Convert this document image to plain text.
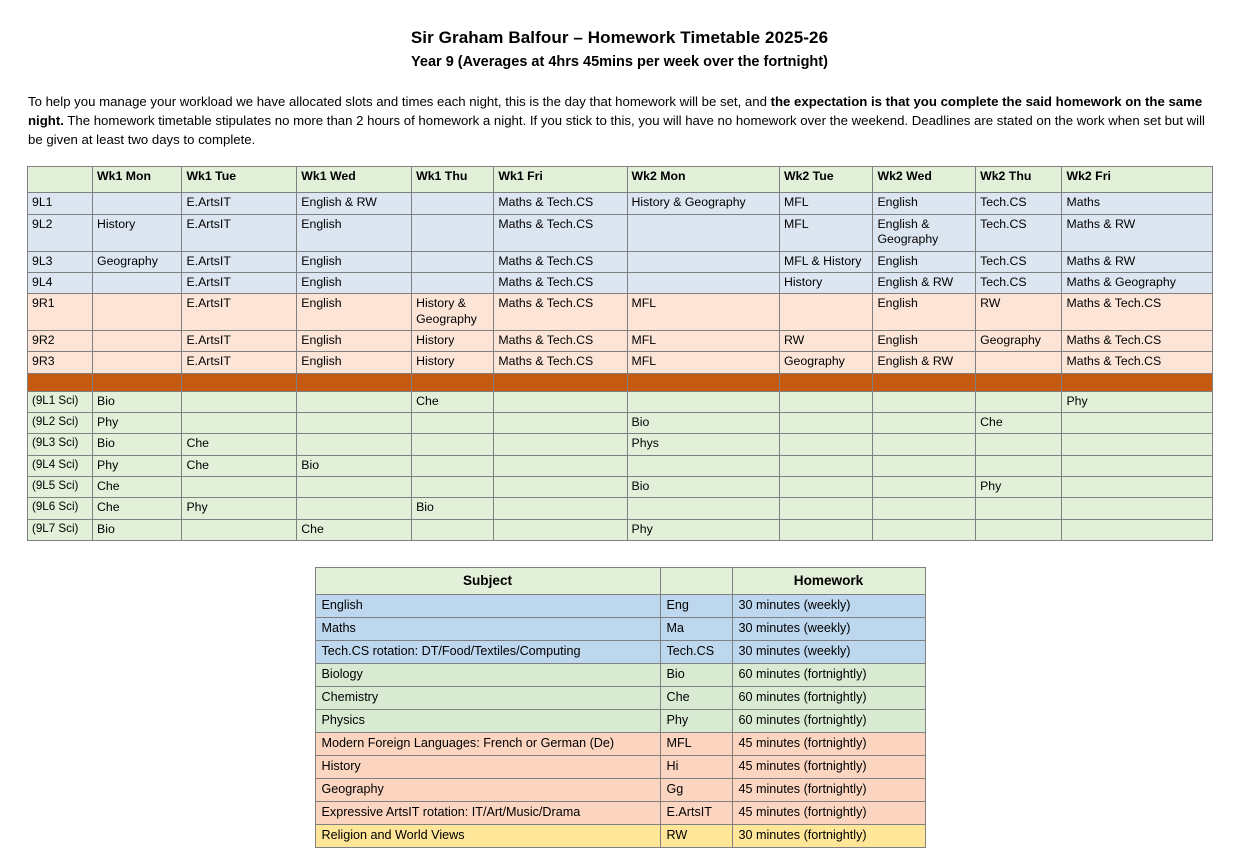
Sir Graham Balfour – Homework Timetable 2025-26
Year 9 (Averages at 4hrs 45mins per week over the fortnight)

To help you manage your workload we have allocated slots and times each night, this is the day that homework will be set, and the expectation is that you complete the said homework on the same night. The homework timetable stipulates no more than 2 hours of homework a night. If you stick to this, you will have no homework over the weekend. Deadlines are stated on the work when set but will be given at least two days to complete.

	Wk1 Mon	Wk1 Tue	Wk1 Wed	Wk1 Thu	Wk1 Fri	Wk2 Mon	Wk2 Tue	Wk2 Wed	Wk2 Thu	Wk2 Fri
9L1		E.ArtsIT	English & RW		Maths & Tech.CS	History & Geography	MFL	English	Tech.CS	Maths
9L2	History	E.ArtsIT	English		Maths & Tech.CS		MFL	English & Geography	Tech.CS	Maths & RW
9L3	Geography	E.ArtsIT	English		Maths & Tech.CS		MFL & History	English	Tech.CS	Maths & RW
9L4		E.ArtsIT	English		Maths & Tech.CS		History	English & RW	Tech.CS	Maths & Geography
9R1		E.ArtsIT	English	History & Geography	Maths & Tech.CS	MFL		English	RW	Maths & Tech.CS
9R2		E.ArtsIT	English	History	Maths & Tech.CS	MFL	RW	English	Geography	Maths & Tech.CS
9R3		E.ArtsIT	English	History	Maths & Tech.CS	MFL	Geography	English & RW		Maths & Tech.CS

(9L1 Sci)	Bio			Che						Phy
(9L2 Sci)	Phy					Bio			Che	
(9L3 Sci)	Bio	Che				Phys				
(9L4 Sci)	Phy	Che	Bio							
(9L5 Sci)	Che					Bio			Phy	
(9L6 Sci)	Che	Phy		Bio						
(9L7 Sci)	Bio		Che			Phy				
Subject		Homework
English	Eng	30 minutes (weekly)
Maths	Ma	30 minutes (weekly)
Tech.CS rotation: DT/Food/Textiles/Computing	Tech.CS	30 minutes (weekly)
Biology	Bio	60 minutes (fortnightly)
Chemistry	Che	60 minutes (fortnightly)
Physics	Phy	60 minutes (fortnightly)
Modern Foreign Languages: French or German (De)	MFL	45 minutes (fortnightly)
History	Hi	45 minutes (fortnightly)
Geography	Gg	45 minutes (fortnightly)
Expressive ArtsIT rotation: IT/Art/Music/Drama	E.ArtsIT	45 minutes (fortnightly)
Religion and World Views	RW	30 minutes (fortnightly)
